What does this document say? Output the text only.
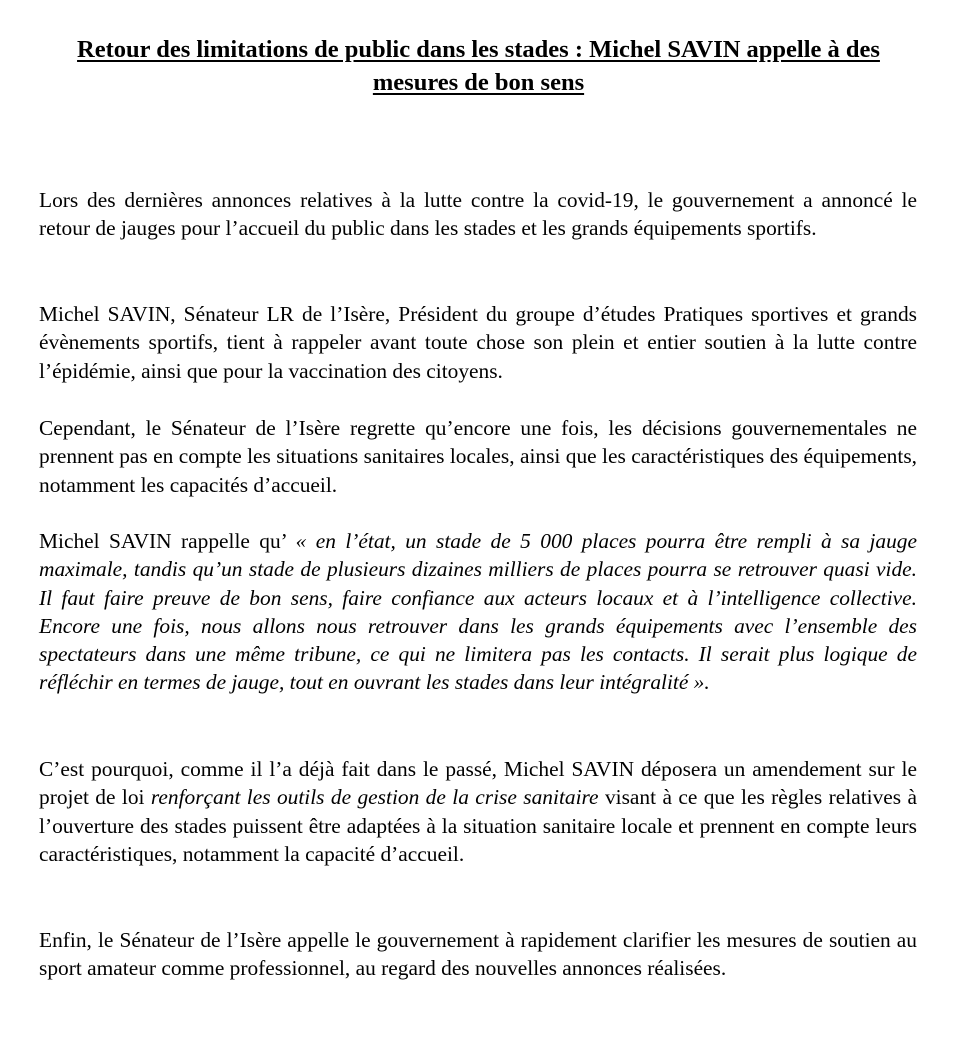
Retour des limitations de public dans les stades : Michel SAVIN appelle à des mesures de bon sens

Lors des dernières annonces relatives à la lutte contre la covid-19, le gouvernement a annoncé le retour de jauges pour l’accueil du public dans les stades et les grands équipements sportifs.

Michel SAVIN, Sénateur LR de l’Isère, Président du groupe d’études Pratiques sportives et grands évènements sportifs, tient à rappeler avant toute chose son plein et entier soutien à la lutte contre l’épidémie, ainsi que pour la vaccination des citoyens.

Cependant, le Sénateur de l’Isère regrette qu’encore une fois, les décisions gouvernementales ne prennent pas en compte les situations sanitaires locales, ainsi que les caractéristiques des équipements, notamment les capacités d’accueil.

Michel SAVIN rappelle qu’ « en l’état, un stade de 5 000 places pourra être rempli à sa jauge maximale, tandis qu’un stade de plusieurs dizaines milliers de places pourra se retrouver quasi vide. Il faut faire preuve de bon sens, faire confiance aux acteurs locaux et à l’intelligence collective. Encore une fois, nous allons nous retrouver dans les grands équipements avec l’ensemble des spectateurs dans une même tribune, ce qui ne limitera pas les contacts. Il serait plus logique de réfléchir en termes de jauge, tout en ouvrant les stades dans leur intégralité ».

C’est pourquoi, comme il l’a déjà fait dans le passé, Michel SAVIN déposera un amendement sur le projet de loi renforçant les outils de gestion de la crise sanitaire visant à ce que les règles relatives à l’ouverture des stades puissent être adaptées à la situation sanitaire locale et prennent en compte leurs caractéristiques, notamment la capacité d’accueil.

Enfin, le Sénateur de l’Isère appelle le gouvernement à rapidement clarifier les mesures de soutien au sport amateur comme professionnel, au regard des nouvelles annonces réalisées.
